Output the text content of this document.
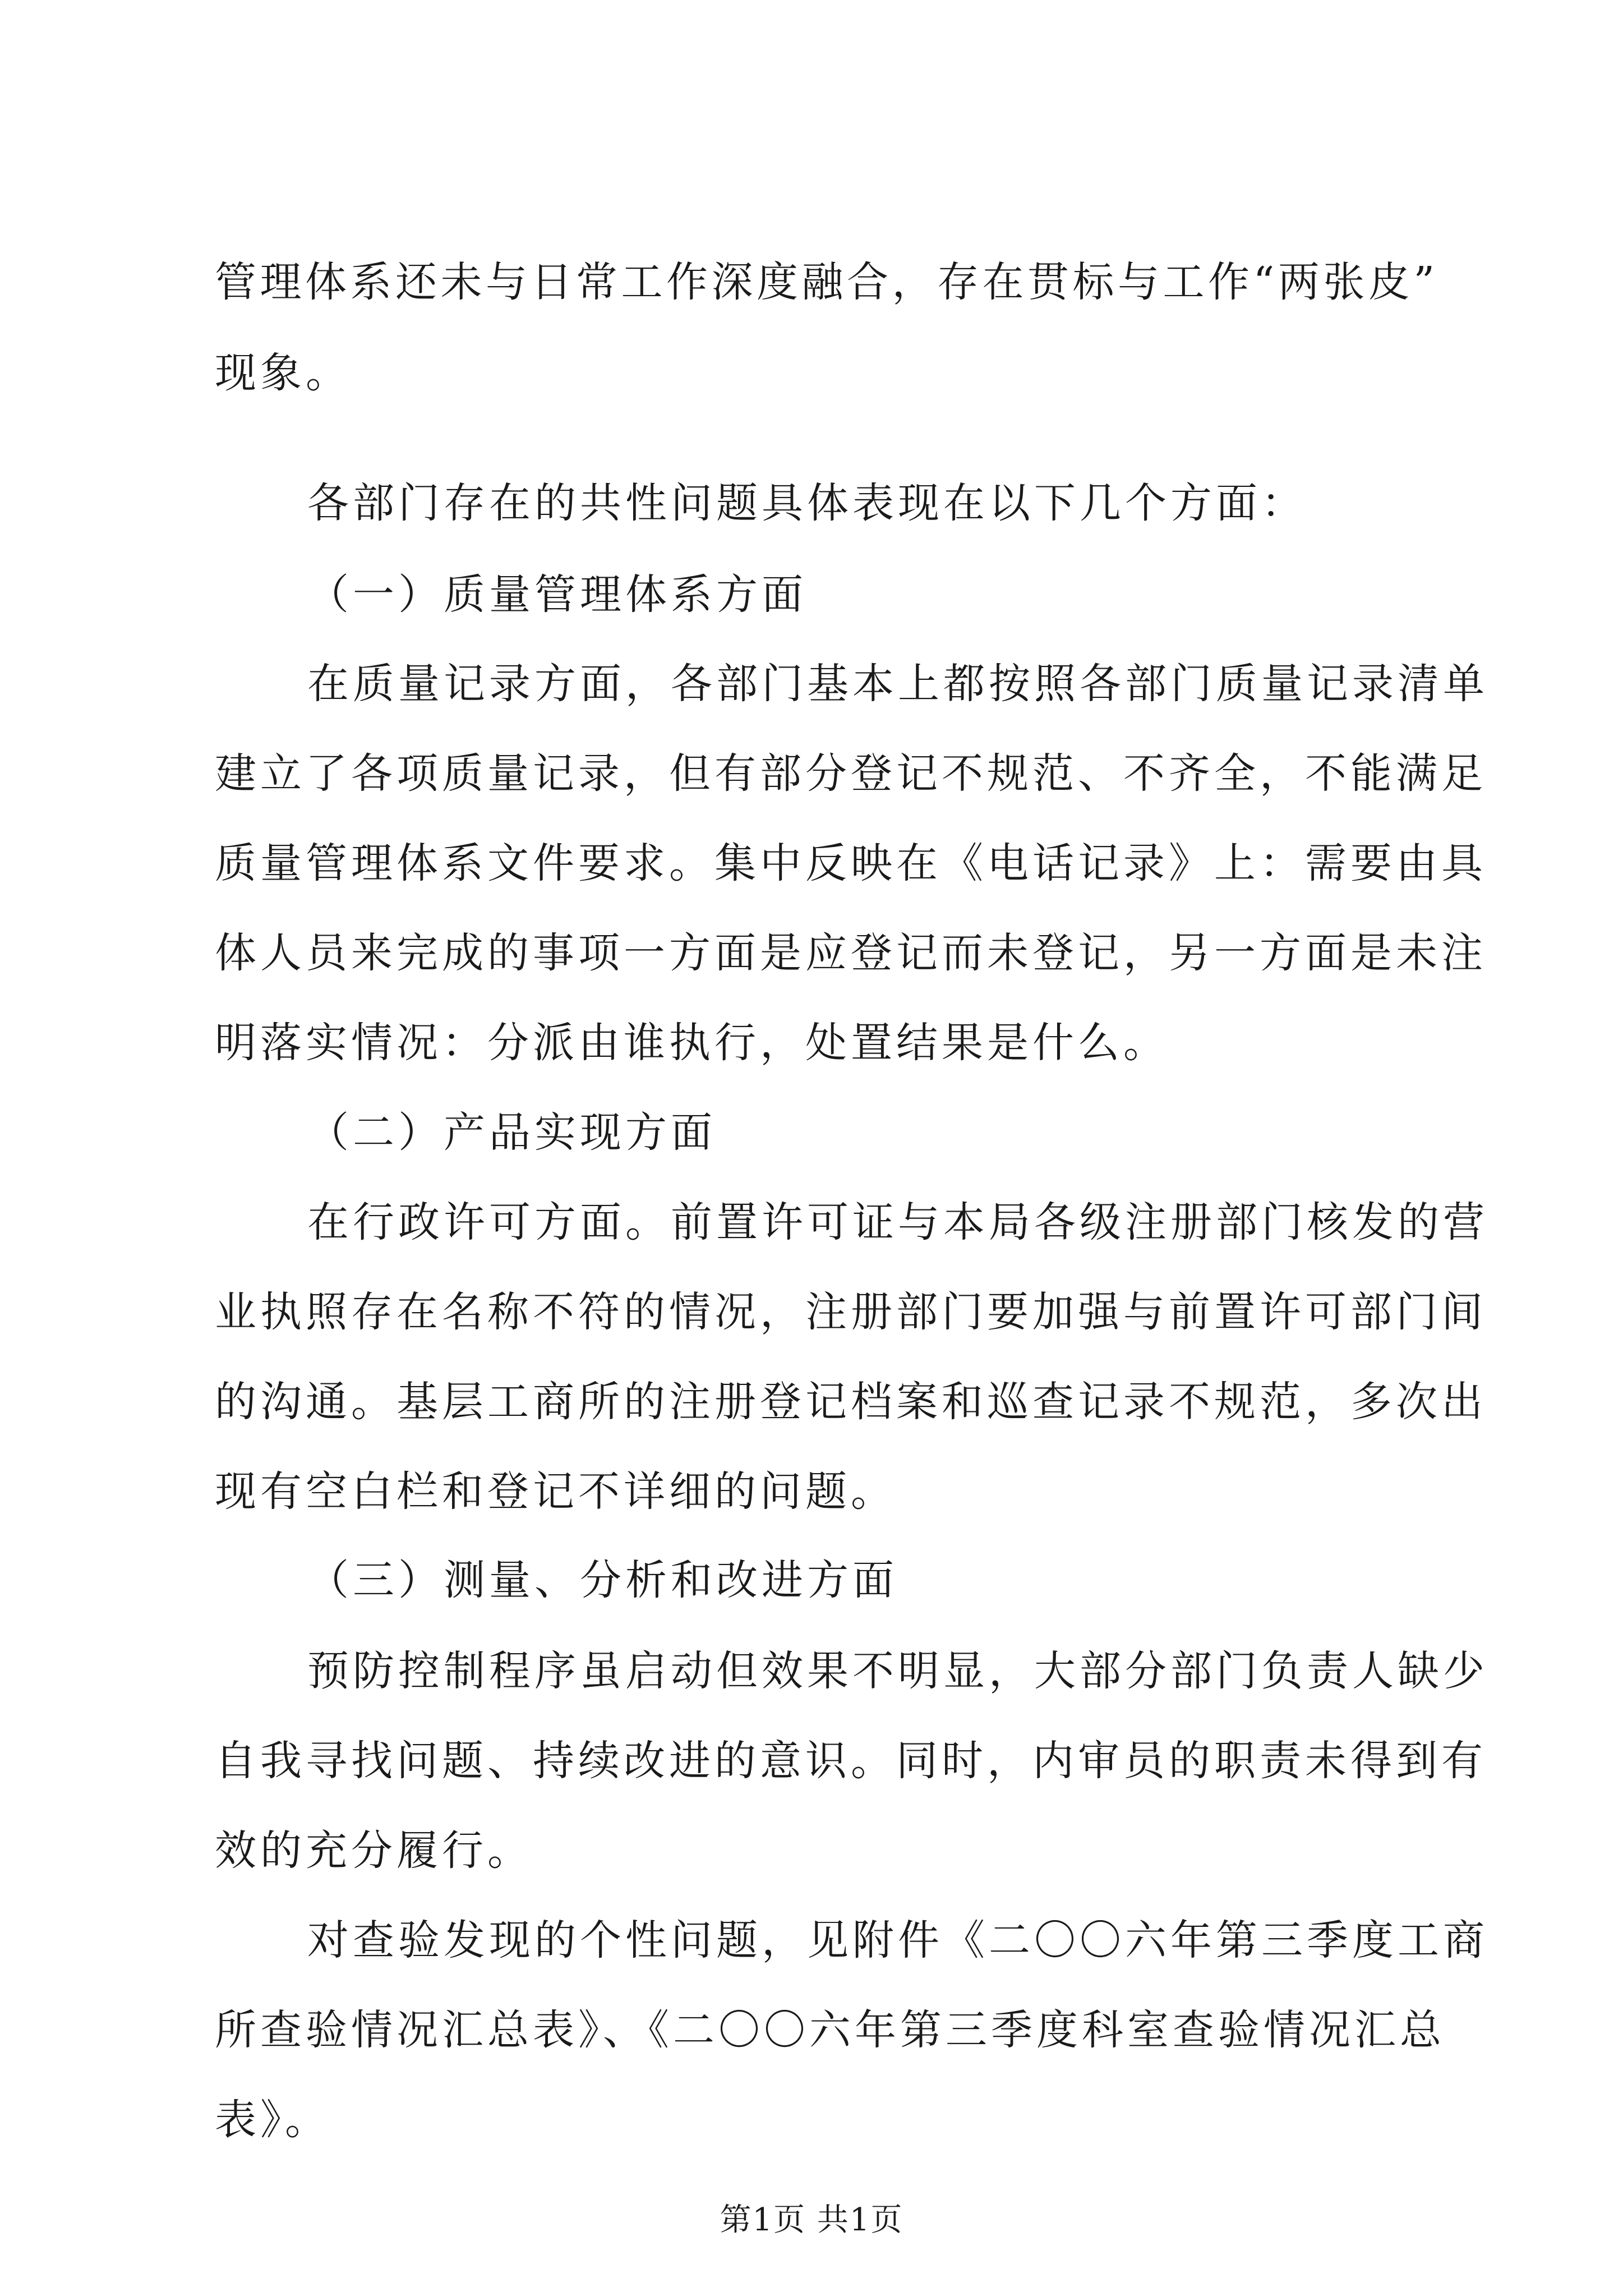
管理体系还未与日常工作深度融合，存在贯标与工作“两张皮”
现象。
各部门存在的共性问题具体表现在以下几个方面：
（一）质量管理体系方面
在质量记录方面，各部门基本上都按照各部门质量记录清单
建立了各项质量记录，但有部分登记不规范、不齐全，不能满足
质量管理体系文件要求。集中反映在《电话记录》上：需要由具
体人员来完成的事项一方面是应登记而未登记，另一方面是未注
明落实情况：分派由谁执行，处置结果是什么。
（二）产品实现方面
在行政许可方面。前置许可证与本局各级注册部门核发的营
业执照存在名称不符的情况，注册部门要加强与前置许可部门间
的沟通。基层工商所的注册登记档案和巡查记录不规范，多次出
现有空白栏和登记不详细的问题。
（三）测量、分析和改进方面
预防控制程序虽启动但效果不明显，大部分部门负责人缺少
自我寻找问题、持续改进的意识。同时，内审员的职责未得到有
效的充分履行。
对查验发现的个性问题，见附件《二〇〇六年第三季度工商
所查验情况汇总表》、《二〇〇六年第三季度科室查验情况汇总
表》。
第1页 共1页
